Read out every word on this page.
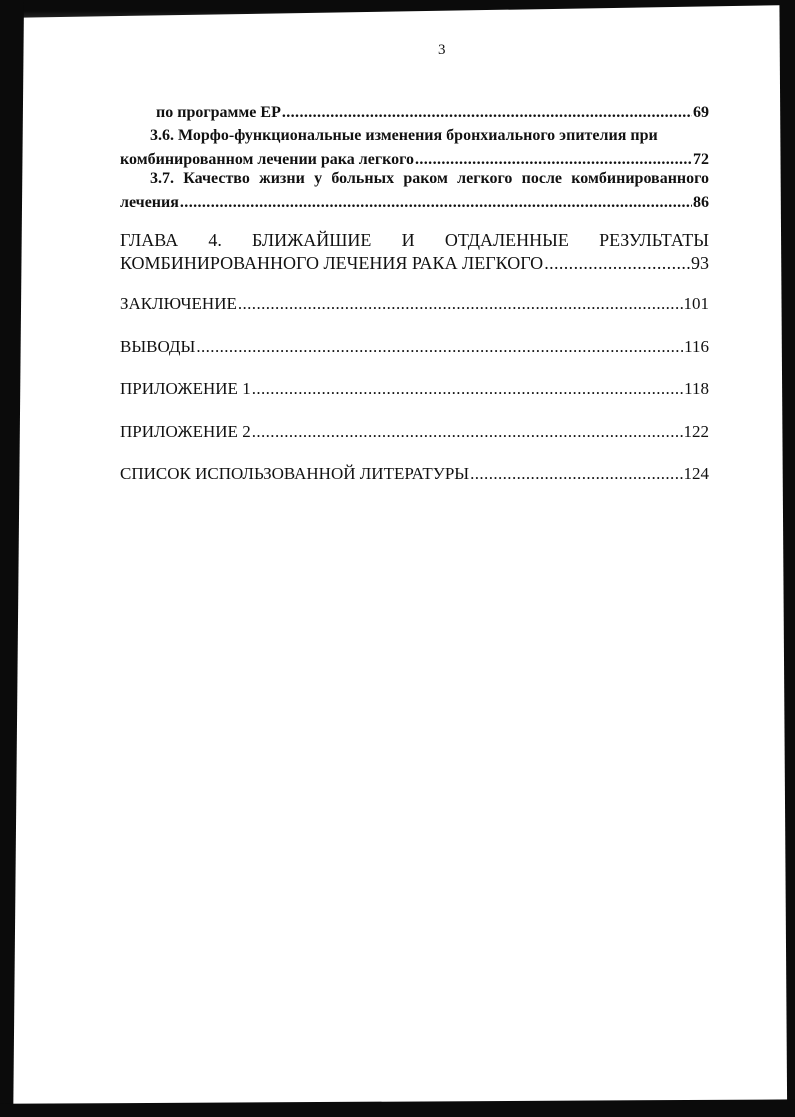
3
по программе ЕР .....	69
3.6. Морфо-функциональные изменения бронхиального эпителия при
комбинированном лечении рака легкого .....	72
3.7. Качество жизни у больных раком легкого после комбинированного
лечения .....	86
ГЛАВА 4. БЛИЖАЙШИЕ И ОТДАЛЕННЫЕ РЕЗУЛЬТАТЫ
КОМБИНИРОВАННОГО ЛЕЧЕНИЯ РАКА ЛЕГКОГО .....	93
ЗАКЛЮЧЕНИЕ .....	101
ВЫВОДЫ .....	116
ПРИЛОЖЕНИЕ 1 .....	118
ПРИЛОЖЕНИЕ 2 .....	122
СПИСОК ИСПОЛЬЗОВАННОЙ ЛИТЕРАТУРЫ .....	124
